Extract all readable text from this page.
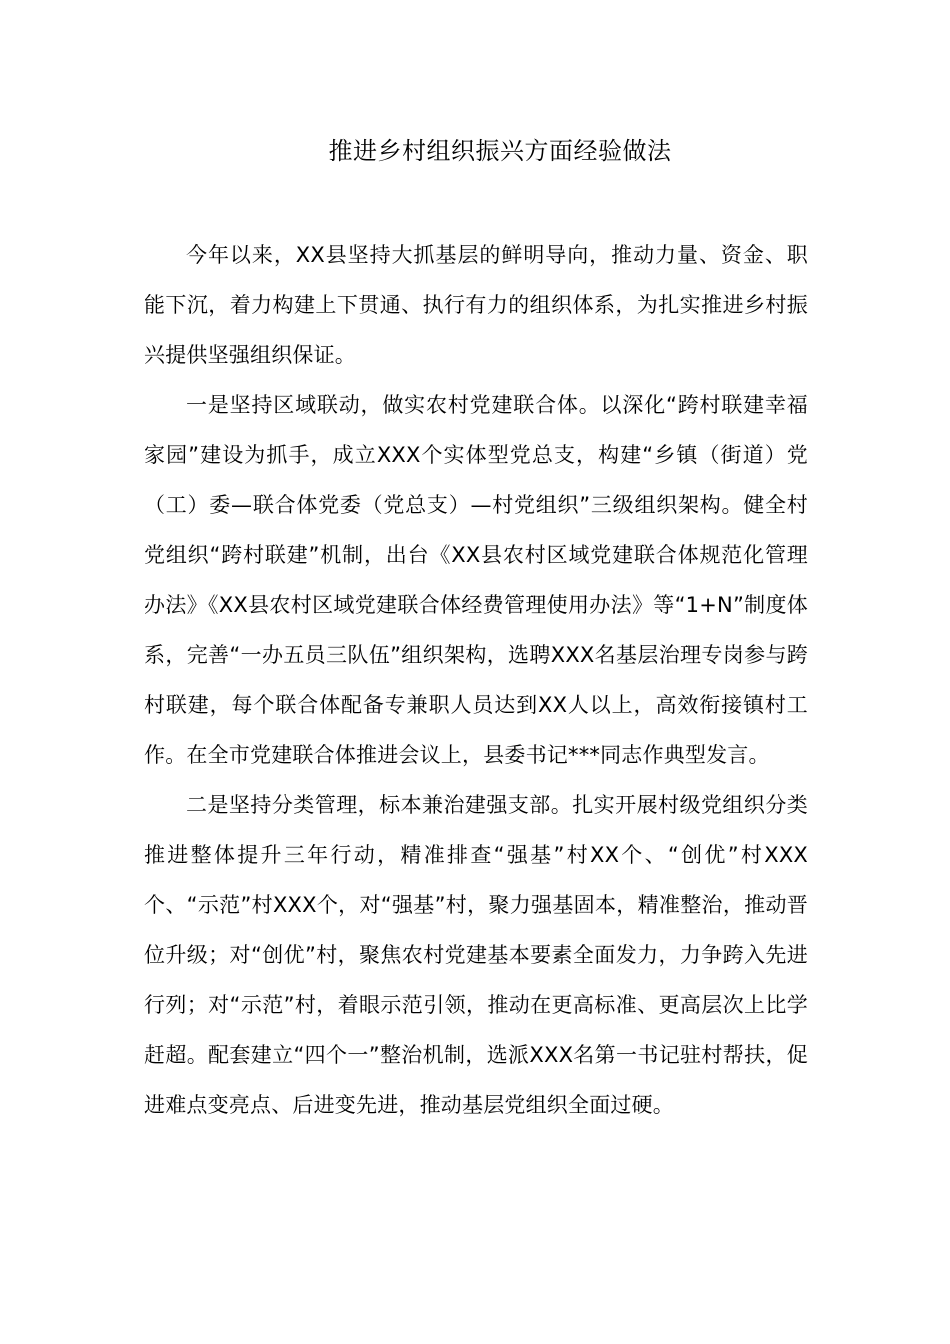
推进乡村组织振兴方面经验做法

今年以来，XX县坚持大抓基层的鲜明导向，推动力量、资金、职能下沉，着力构建上下贯通、执行有力的组织体系，为扎实推进乡村振兴提供坚强组织保证。

一是坚持区域联动，做实农村党建联合体。以深化“跨村联建幸福家园”建设为抓手，成立XXX个实体型党总支，构建“乡镇（街道）党（工）委—联合体党委（党总支）—村党组织”三级组织架构。健全村党组织“跨村联建”机制，出台《XX县农村区域党建联合体规范化管理办法》《XX县农村区域党建联合体经费管理使用办法》等“1+N”制度体系，完善“一办五员三队伍”组织架构，选聘XXX名基层治理专岗参与跨村联建，每个联合体配备专兼职人员达到XX人以上，高效衔接镇村工作。在全市党建联合体推进会议上，县委书记***同志作典型发言。

二是坚持分类管理，标本兼治建强支部。扎实开展村级党组织分类推进整体提升三年行动，精准排查“强基”村XX个、“创优”村XXX个、“示范”村XXX个，对“强基”村，聚力强基固本，精准整治，推动晋位升级；对“创优”村，聚焦农村党建基本要素全面发力，力争跨入先进行列；对“示范”村，着眼示范引领，推动在更高标准、更高层次上比学赶超。配套建立“四个一”整治机制，选派XXX名第一书记驻村帮扶，促进难点变亮点、后进变先进，推动基层党组织全面过硬。
